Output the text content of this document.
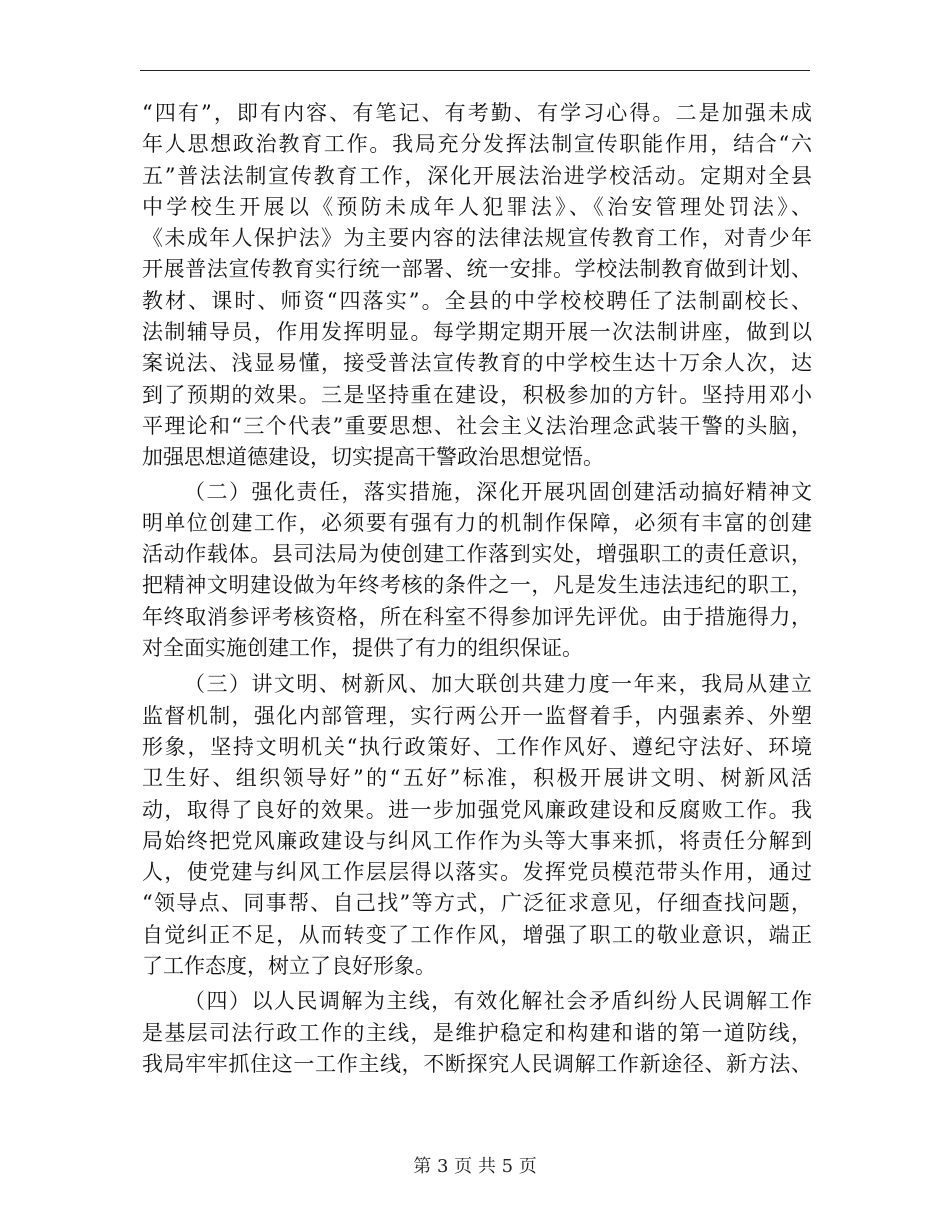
“四有”，即有内容、有笔记、有考勤、有学习心得。二是加强未成
年人思想政治教育工作。我局充分发挥法制宣传职能作用，结合“六
五”普法法制宣传教育工作，深化开展法治进学校活动。定期对全县
中学校生开展以《预防未成年人犯罪法》、《治安管理处罚法》、
《未成年人保护法》为主要内容的法律法规宣传教育工作，对青少年
开展普法宣传教育实行统一部署、统一安排。学校法制教育做到计划、
教材、课时、师资“四落实”。全县的中学校校聘任了法制副校长、
法制辅导员，作用发挥明显。每学期定期开展一次法制讲座，做到以
案说法、浅显易懂，接受普法宣传教育的中学校生达十万余人次，达
到了预期的效果。三是坚持重在建设，积极参加的方针。坚持用邓小
平理论和“三个代表”重要思想、社会主义法治理念武装干警的头脑，
加强思想道德建设，切实提高干警政治思想觉悟。
（二）强化责任，落实措施，深化开展巩固创建活动搞好精神文
明单位创建工作，必须要有强有力的机制作保障，必须有丰富的创建
活动作载体。县司法局为使创建工作落到实处，增强职工的责任意识，
把精神文明建设做为年终考核的条件之一，凡是发生违法违纪的职工，
年终取消参评考核资格，所在科室不得参加评先评优。由于措施得力，
对全面实施创建工作，提供了有力的组织保证。
（三）讲文明、树新风、加大联创共建力度一年来，我局从建立
监督机制，强化内部管理，实行两公开一监督着手，内强素养、外塑
形象，坚持文明机关“执行政策好、工作作风好、遵纪守法好、环境
卫生好、组织领导好”的“五好”标准，积极开展讲文明、树新风活
动，取得了良好的效果。进一步加强党风廉政建设和反腐败工作。我
局始终把党风廉政建设与纠风工作作为头等大事来抓，将责任分解到
人，使党建与纠风工作层层得以落实。发挥党员模范带头作用，通过
“领导点、同事帮、自己找”等方式，广泛征求意见，仔细查找问题，
自觉纠正不足，从而转变了工作作风，增强了职工的敬业意识，端正
了工作态度，树立了良好形象。
（四）以人民调解为主线，有效化解社会矛盾纠纷人民调解工作
是基层司法行政工作的主线，是维护稳定和构建和谐的第一道防线，
我局牢牢抓住这一工作主线，不断探究人民调解工作新途径、新方法、
第 3 页 共 5 页
